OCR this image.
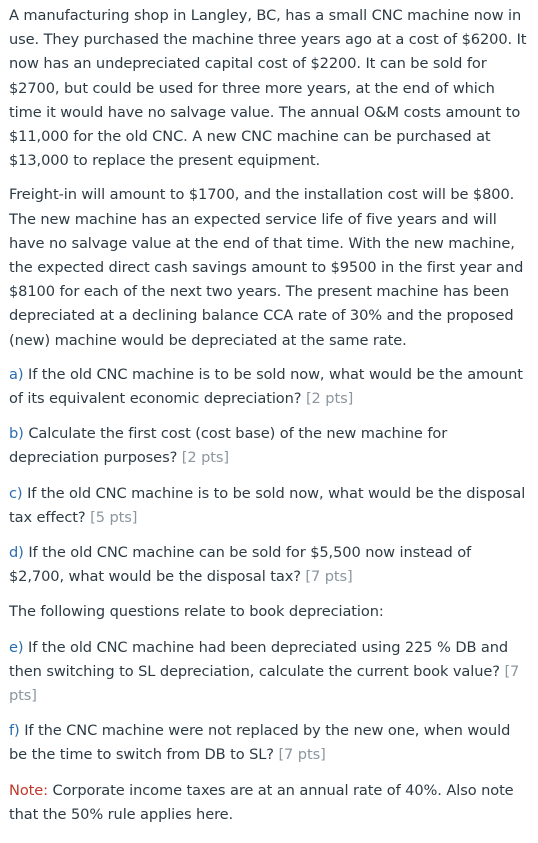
A manufacturing shop in Langley, BC, has a small CNC machine now in use. They purchased the machine three years ago at a cost of $6200. It now has an undepreciated capital cost of $2200. It can be sold for $2700, but could be used for three more years, at the end of which time it would have no salvage value. The annual O&M costs amount to $11,000 for the old CNC. A new CNC machine can be purchased at $13,000 to replace the present equipment.

Freight-in will amount to $1700, and the installation cost will be $800. The new machine has an expected service life of five years and will have no salvage value at the end of that time. With the new machine, the expected direct cash savings amount to $9500 in the first year and $8100 for each of the next two years. The present machine has been depreciated at a declining balance CCA rate of 30% and the proposed (new) machine would be depreciated at the same rate.

a) If the old CNC machine is to be sold now, what would be the amount of its equivalent economic depreciation? [2 pts]

b) Calculate the first cost (cost base) of the new machine for depreciation purposes? [2 pts]

c) If the old CNC machine is to be sold now, what would be the disposal tax effect? [5 pts]

d) If the old CNC machine can be sold for $5,500 now instead of $2,700, what would be the disposal tax? [7 pts]

The following questions relate to book depreciation:

e) If the old CNC machine had been depreciated using 225 % DB and then switching to SL depreciation, calculate the current book value? [7 pts]

f) If the CNC machine were not replaced by the new one, when would be the time to switch from DB to SL? [7 pts]

Note: Corporate income taxes are at an annual rate of 40%. Also note that the 50% rule applies here.
